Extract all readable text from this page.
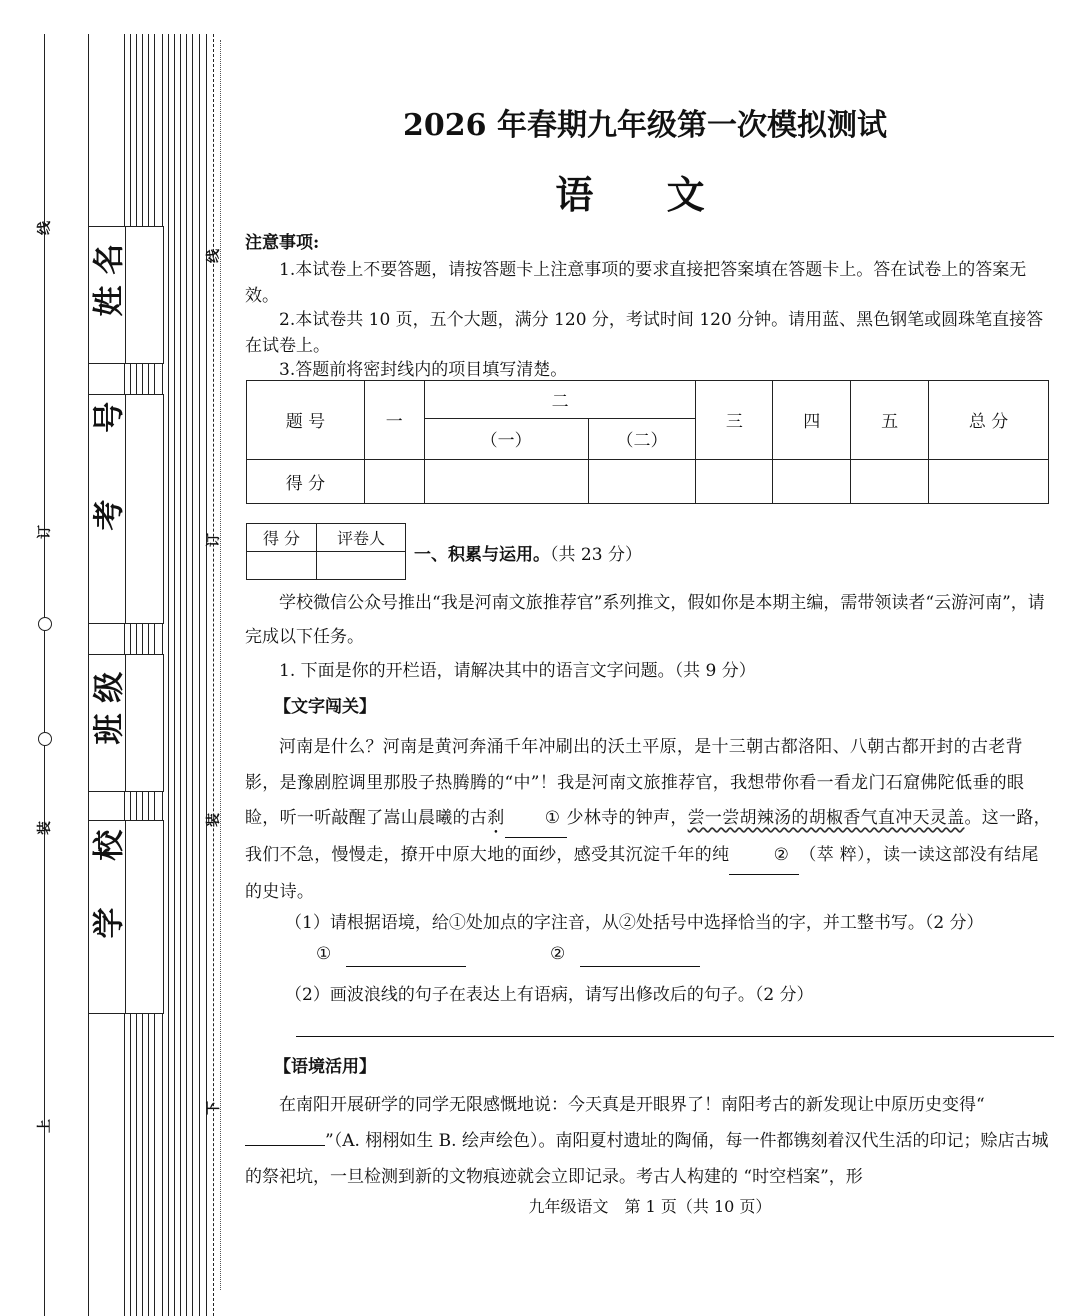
姓 名
考 号
班 级
学 校
线
订
装
上
线
订
装
下
2026 年春期九年级第一次模拟测试
语 文
注意事项:
1.本试卷上不要答题，请按答题卡上注意事项的要求直接把答案填在答题卡上。答在试卷上的答案无效。
2.本试卷共 10 页，五个大题，满分 120 分，考试时间 120 分钟。请用蓝、黑色钢笔或圆珠笔直接答在试卷上。
3.答题前将密封线内的项目填写清楚。
题 号	一	二		三	四	五	总 分
		（一）	（二）				
得 分							
得 分	评卷人

一、积累与运用。（共 23 分）
学校微信公众号推出“我是河南文旅推荐官”系列推文，假如你是本期主编，需带领读者“云游河南”，请完成以下任务。
1. 下面是你的开栏语，请解决其中的语言文字问题。（共 9 分）
【文字闯关】
河南是什么？河南是黄河奔涌千年冲刷出的沃土平原，是十三朝古都洛阳、八朝古都开封的古老背影，是豫剧腔调里那股子热腾腾的“中”！我是河南文旅推荐官，我想带你看一看龙门石窟佛陀低垂的眼睑，听一听敲醒了嵩山晨曦的古刹 ① 少林寺的钟声，尝一尝胡辣汤的胡椒香气直冲天灵盖。这一路，我们不急，慢慢走，撩开中原大地的面纱，感受其沉淀千年的纯	② （萃 粹），读一读这部没有结尾的史诗。
（1）请根据语境，给①处加点的字注音，从②处括号中选择恰当的字，并工整书写。（2 分）
①	②
（2）画波浪线的句子在表达上有语病，请写出修改后的句子。（2 分）
【语境活用】
在南阳开展研学的同学无限感慨地说：今天真是开眼界了！南阳考古的新发现让中原历史变得“”（A. 栩栩如生 B. 绘声绘色）。南阳夏村遗址的陶俑，每一件都镌刻着汉代生活的印记；赊店古城的祭祀坑，一旦检测到新的文物痕迹就会立即记录。考古人构建的 “时空档案”，形
九年级语文　第 1 页（共 10 页）
